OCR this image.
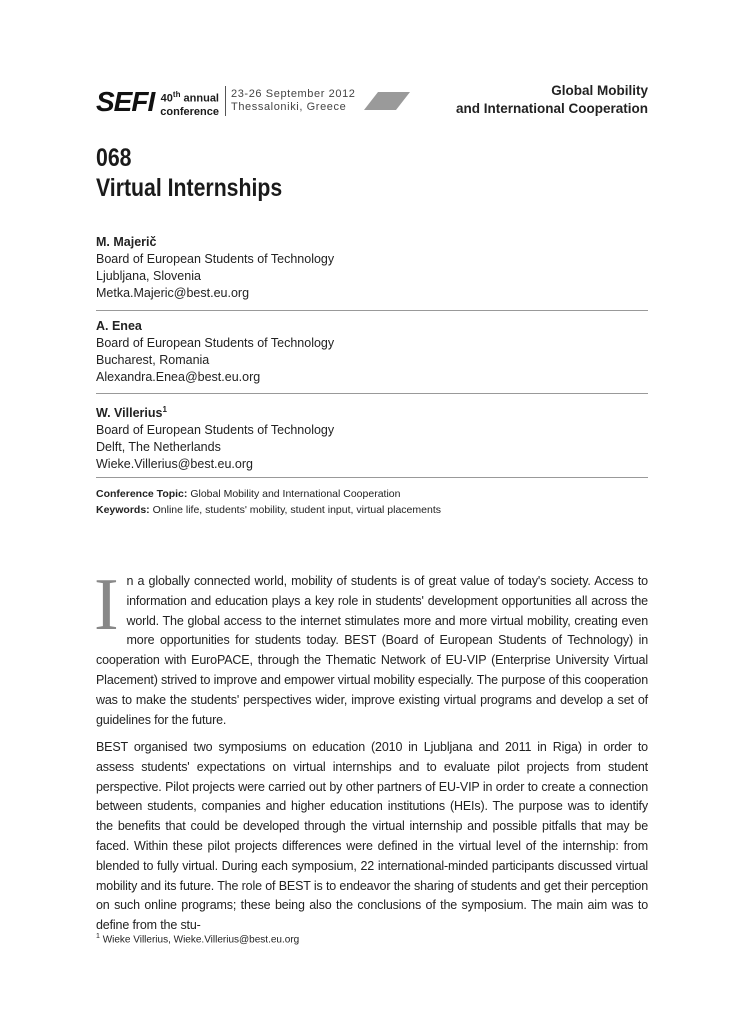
SEFI 40th annual
conference
23-26 September 2012
Thessaloniki, Greece
Global Mobility
and International Cooperation
068
Virtual Internships
M. Majerič
Board of European Students of Technology
Ljubljana, Slovenia
Metka.Majeric@best.eu.org
A. Enea
Board of European Students of Technology
Bucharest, Romania
Alexandra.Enea@best.eu.org
W. Villerius$^1$
Board of European Students of Technology
Delft, The Netherlands
Wieke.Villerius@best.eu.org
Conference Topic: Global Mobility and International Cooperation
Keywords: Online life, students' mobility, student input, virtual placements
In a globally connected world, mobility of students is of great value of today's society. Access to information and education plays a key role in students' development opportunities all across the world. The global access to the internet stimulates more and more virtual mobility, creating even more opportunities for students today. BEST (Board of European Students of Technology) in cooperation with EuroPACE, through the Thematic Network of EU-VIP (Enterprise University Virtual Placement) strived to improve and empower virtual mobility especially. The purpose of this cooperation was to make the students' perspectives wider, improve existing virtual programs and develop a set of guidelines for the future.
BEST organised two symposiums on education (2010 in Ljubljana and 2011 in Riga) in order to assess students' expectations on virtual internships and to evaluate pilot projects from student perspective. Pilot projects were carried out by other partners of EU-VIP in order to create a connection between students, companies and higher education institutions (HEIs). The purpose was to identify the benefits that could be developed through the virtual internship and possible pitfalls that may be faced. Within these pilot projects differences were defined in the virtual level of the internship: from blended to fully virtual. During each symposium, 22 international-minded participants discussed virtual mobility and its future. The role of BEST is to endeavor the sharing of students and get their perception on such online programs; these being also the conclusions of the symposium. The main aim was to define from the stu-
$^1$ Wieke Villerius, Wieke.Villerius@best.eu.org
